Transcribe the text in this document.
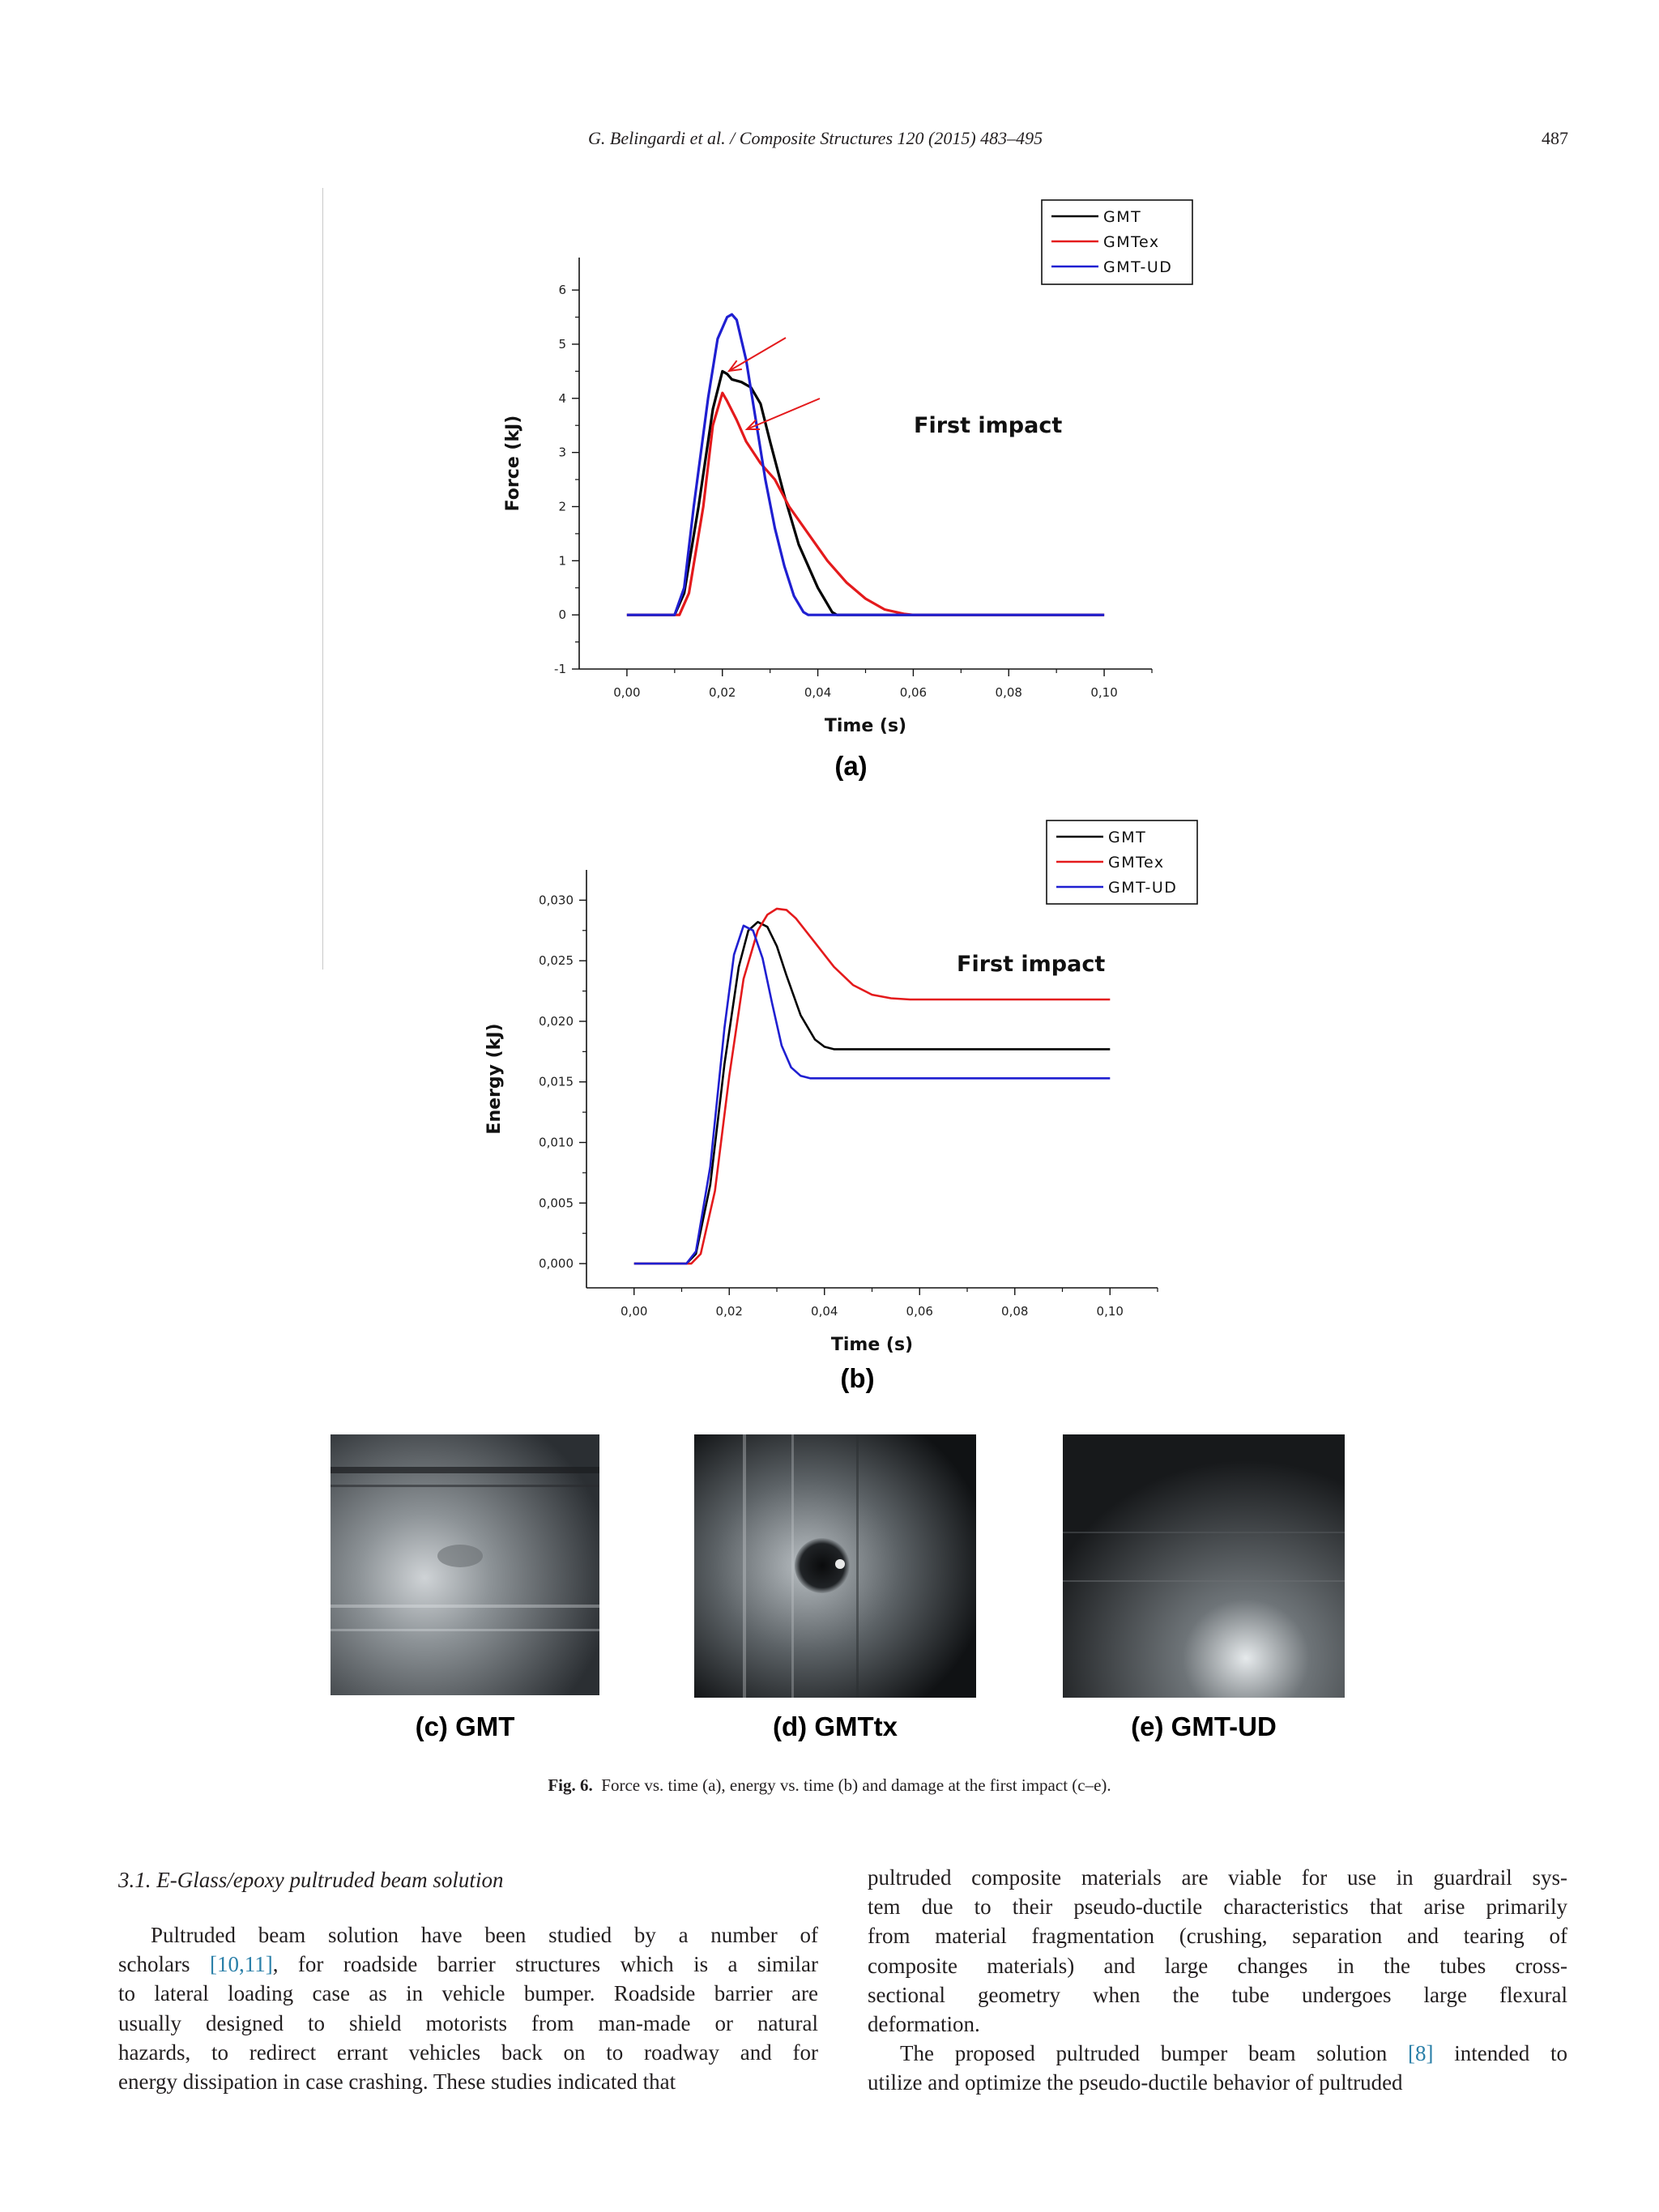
G. Belingardi et al. / Composite Structures 120 (2015) 483–495	487
-1
0
1
2
3
4
5
6
0,00	0,02	0,04	0,06	0,08	0,10
Time (s)
Force (kJ)
GMT
GMTex
GMT-UD
First impact
(a)
0,000
0,005
0,010
0,015
0,020
0,025
0,030
0,00	0,02	0,04	0,06	0,08	0,10
Time (s)
Energy (kJ)
GMT
GMTex
GMT-UD
First impact
(b)
(c) GMT	(d) GMTtx	(e) GMT-UD
Fig. 6. Force vs. time (a), energy vs. time (b) and damage at the first impact (c–e).
3.1. E-Glass/epoxy pultruded beam solution
Pultruded beam solution have been studied by a number of
scholars [10,11], for roadside barrier structures which is a similar
to lateral loading case as in vehicle bumper. Roadside barrier are
usually designed to shield motorists from man-made or natural
hazards, to redirect errant vehicles back on to roadway and for
energy dissipation in case crashing. These studies indicated that
pultruded composite materials are viable for use in guardrail sys-
tem due to their pseudo-ductile characteristics that arise primarily
from material fragmentation (crushing, separation and tearing of
composite materials) and large changes in the tubes cross-
sectional geometry when the tube undergoes large flexural
deformation.
The proposed pultruded bumper beam solution [8] intended to
utilize and optimize the pseudo-ductile behavior of pultruded
